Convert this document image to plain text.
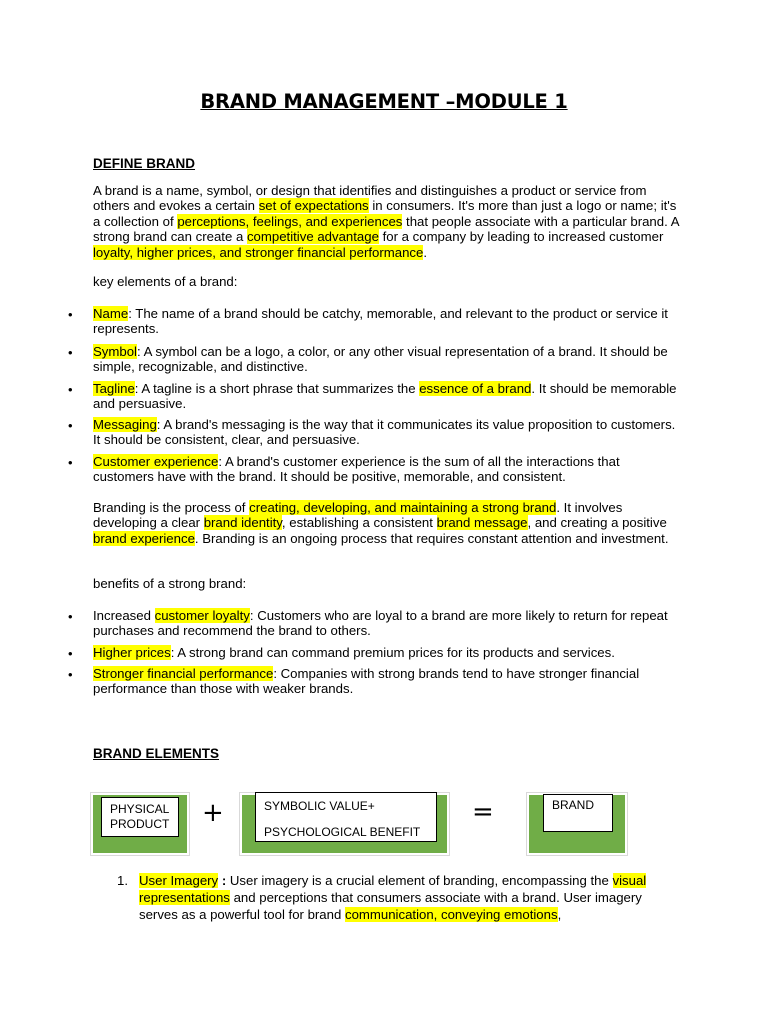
BRAND MANAGEMENT –MODULE 1
DEFINE BRAND
A brand is a name, symbol, or design that identifies and distinguishes a product or service from others and evokes a certain set of expectations in consumers. It's more than just a logo or name; it's a collection of perceptions, feelings, and experiences that people associate with a particular brand. A strong brand can create a competitive advantage for a company by leading to increased customer loyalty, higher prices, and stronger financial performance.
key elements of a brand:
• Name: The name of a brand should be catchy, memorable, and relevant to the product or service it represents.
• Symbol: A symbol can be a logo, a color, or any other visual representation of a brand. It should be simple, recognizable, and distinctive.
• Tagline: A tagline is a short phrase that summarizes the essence of a brand. It should be memorable and persuasive.
• Messaging: A brand's messaging is the way that it communicates its value proposition to customers. It should be consistent, clear, and persuasive.
• Customer experience: A brand's customer experience is the sum of all the interactions that customers have with the brand. It should be positive, memorable, and consistent.
Branding is the process of creating, developing, and maintaining a strong brand. It involves developing a clear brand identity, establishing a consistent brand message, and creating a positive brand experience. Branding is an ongoing process that requires constant attention and investment.
benefits of a strong brand:
• Increased customer loyalty: Customers who are loyal to a brand are more likely to return for repeat purchases and recommend the brand to others.
• Higher prices: A strong brand can command premium prices for its products and services.
• Stronger financial performance: Companies with strong brands tend to have stronger financial performance than those with weaker brands.
BRAND ELEMENTS
PHYSICAL
PRODUCT +	SYMBOLIC VALUE+
PSYCHOLOGICAL BENEFIT
=	BRAND
1. User Imagery : User imagery is a crucial element of branding, encompassing the visual representations and perceptions that consumers associate with a brand. User imagery serves as a powerful tool for brand communication, conveying emotions,
